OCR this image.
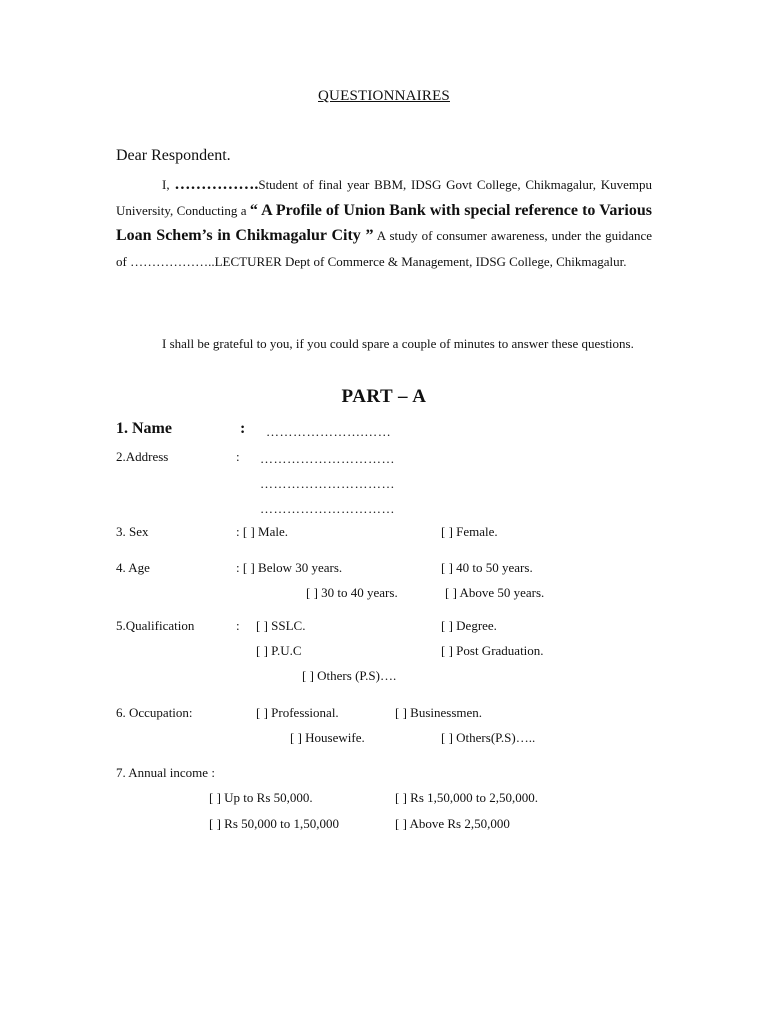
QUESTIONNAIRES
Dear Respondent.
I, …………….Student of final year BBM, IDSG Govt College, Chikmagalur, Kuvempu University, Conducting a “ A Profile of Union Bank with special reference to Various Loan Schem’s in Chikmagalur City ” A study of consumer awareness, under the guidance of ………………..LECTURER Dept of Commerce & Management, IDSG College, Chikmagalur.
I shall be grateful to you, if you could spare a couple of minutes to answer these questions.
PART – A
1. Name	: ………………….……
2.Address	: …………………………
…………………………
…………………………
3. Sex	: [ ] Male.	[ ] Female.
4. Age	: [ ] Below 30 years.	[ ] 40 to 50 years.
[ ] 30 to 40 years.	[ ] Above 50 years.
5.Qualification	: [ ] SSLC.	[ ] Degree.
[ ] P.U.C	[ ] Post Graduation.
[ ] Others (P.S)….
6. Occupation:	[ ] Professional.	[ ] Businessmen.
[ ] Housewife.	[ ] Others(P.S)…..
7. Annual income :
[ ] Up to Rs 50,000.	[ ] Rs 1,50,000 to 2,50,000.
[ ] Rs 50,000 to 1,50,000	[ ] Above Rs 2,50,000
